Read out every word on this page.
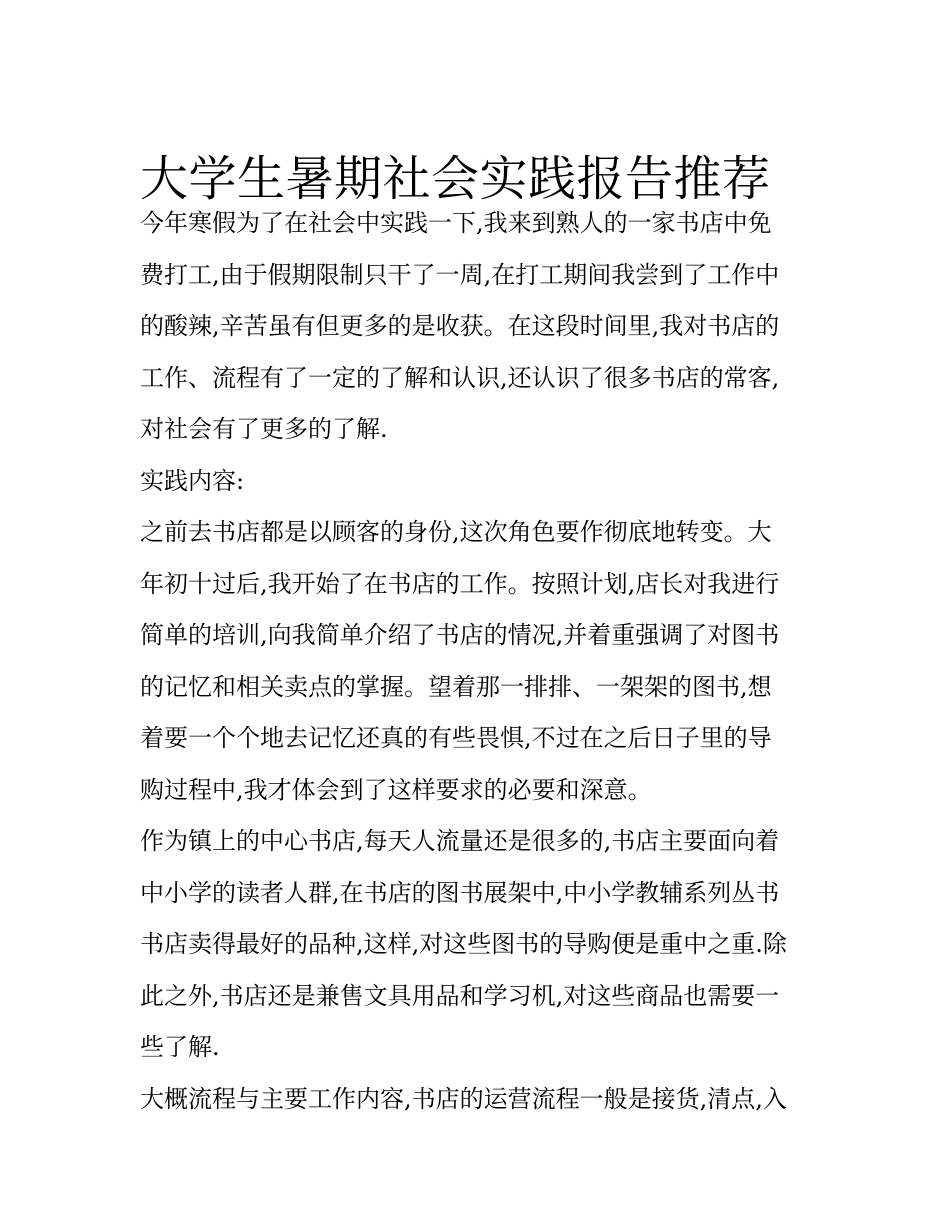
大学生暑期社会实践报告推荐
今年寒假为了在社会中实践一下,我来到熟人的一家书店中免
费打工,由于假期限制只干了一周,在打工期间我尝到了工作中
的酸辣,辛苦虽有但更多的是收获。在这段时间里,我对书店的
工作、流程有了一定的了解和认识,还认识了很多书店的常客,
对社会有了更多的了解.
实践内容:
之前去书店都是以顾客的身份,这次角色要作彻底地转变。大
年初十过后,我开始了在书店的工作。按照计划,店长对我进行
简单的培训,向我简单介绍了书店的情况,并着重强调了对图书
的记忆和相关卖点的掌握。望着那一排排、一架架的图书,想
着要一个个地去记忆还真的有些畏惧,不过在之后日子里的导
购过程中,我才体会到了这样要求的必要和深意。
作为镇上的中心书店,每天人流量还是很多的,书店主要面向着
中小学的读者人群,在书店的图书展架中,中小学教辅系列丛书
书店卖得最好的品种,这样,对这些图书的导购便是重中之重.除
此之外,书店还是兼售文具用品和学习机,对这些商品也需要一
些了解.
大概流程与主要工作内容,书店的运营流程一般是接货,清点,入
